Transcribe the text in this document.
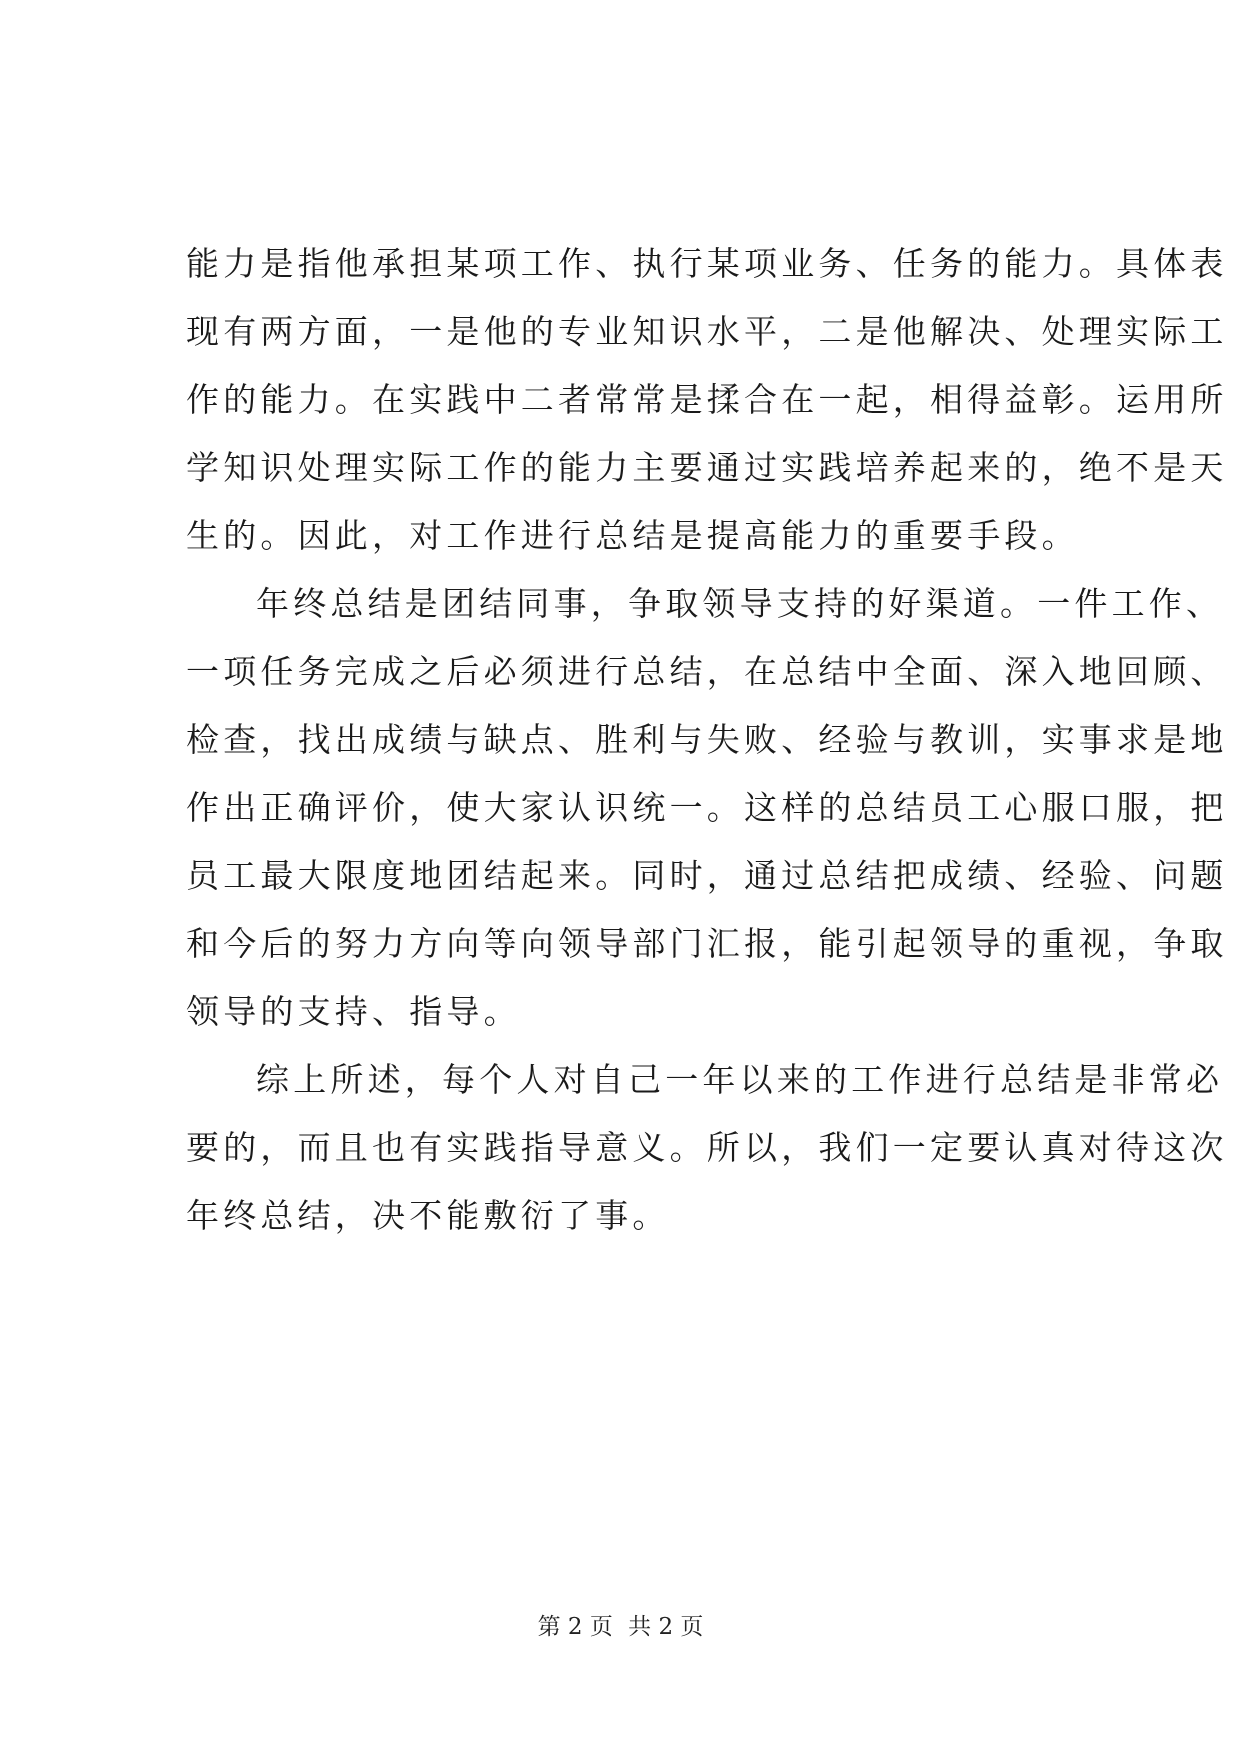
能力是指他承担某项工作、执行某项业务、任务的能力。具体表
现有两方面，一是他的专业知识水平，二是他解决、处理实际工
作的能力。在实践中二者常常是揉合在一起，相得益彰。运用所
学知识处理实际工作的能力主要通过实践培养起来的，绝不是天
生的。因此，对工作进行总结是提高能力的重要手段。
年终总结是团结同事，争取领导支持的好渠道。一件工作、
一项任务完成之后必须进行总结，在总结中全面、深入地回顾、
检查，找出成绩与缺点、胜利与失败、经验与教训，实事求是地
作出正确评价，使大家认识统一。这样的总结员工心服口服，把
员工最大限度地团结起来。同时，通过总结把成绩、经验、问题
和今后的努力方向等向领导部门汇报，能引起领导的重视，争取
领导的支持、指导。
综上所述，每个人对自己一年以来的工作进行总结是非常必
要的，而且也有实践指导意义。所以，我们一定要认真对待这次
年终总结，决不能敷衍了事。
第 2 页 共 2 页
